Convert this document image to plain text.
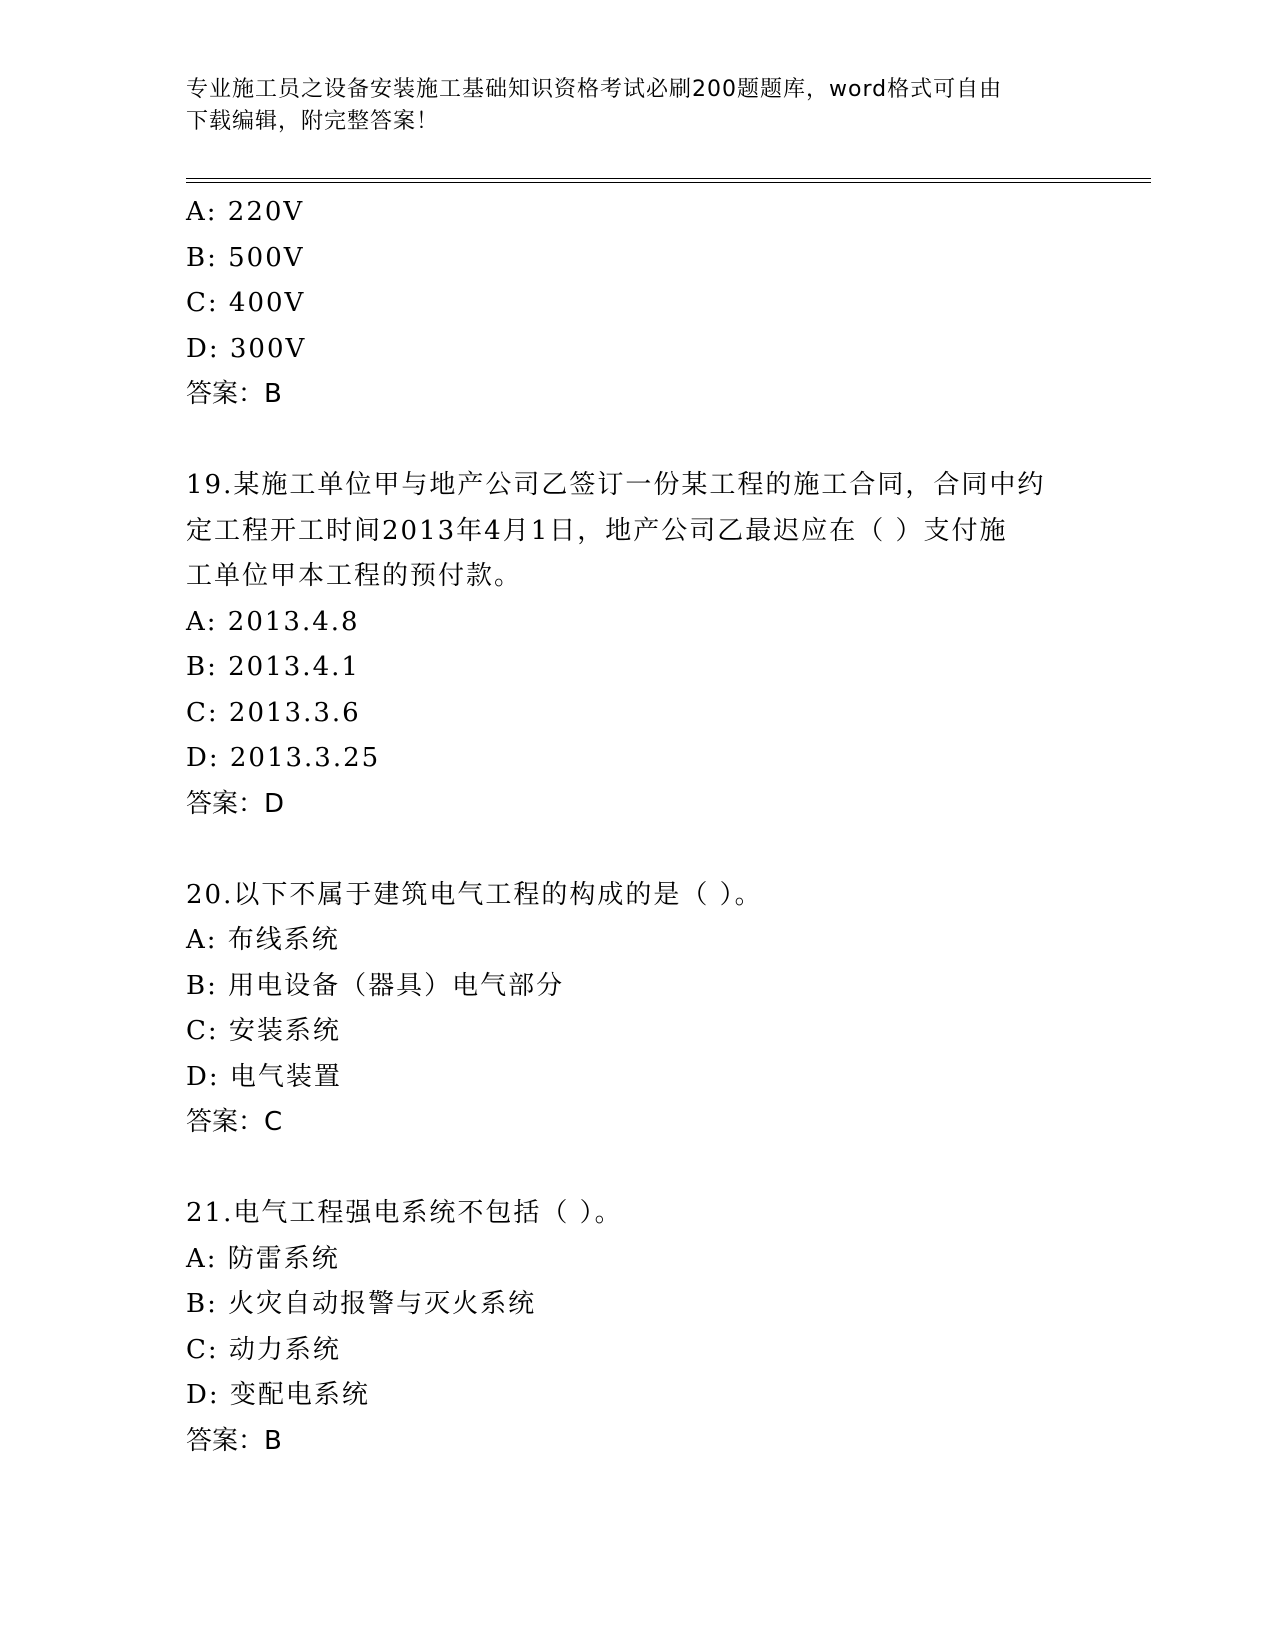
专业施工员之设备安装施工基础知识资格考试必刷200题题库，word格式可自由
下载编辑，附完整答案！
A: 220V
B: 500V
C: 400V
D: 300V
答案：B
19.某施工单位甲与地产公司乙签订一份某工程的施工合同，合同中约
定工程开工时间2013年4月1日，地产公司乙最迟应在（ ）支付施
工单位甲本工程的预付款。
A: 2013.4.8
B: 2013.4.1
C: 2013.3.6
D: 2013.3.25
答案：D
20.以下不属于建筑电气工程的构成的是（ ）。
A: 布线系统
B: 用电设备（器具）电气部分
C: 安装系统
D: 电气装置
答案：C
21.电气工程强电系统不包括（ ）。
A: 防雷系统
B: 火灾自动报警与灭火系统
C: 动力系统
D: 变配电系统
答案：B
